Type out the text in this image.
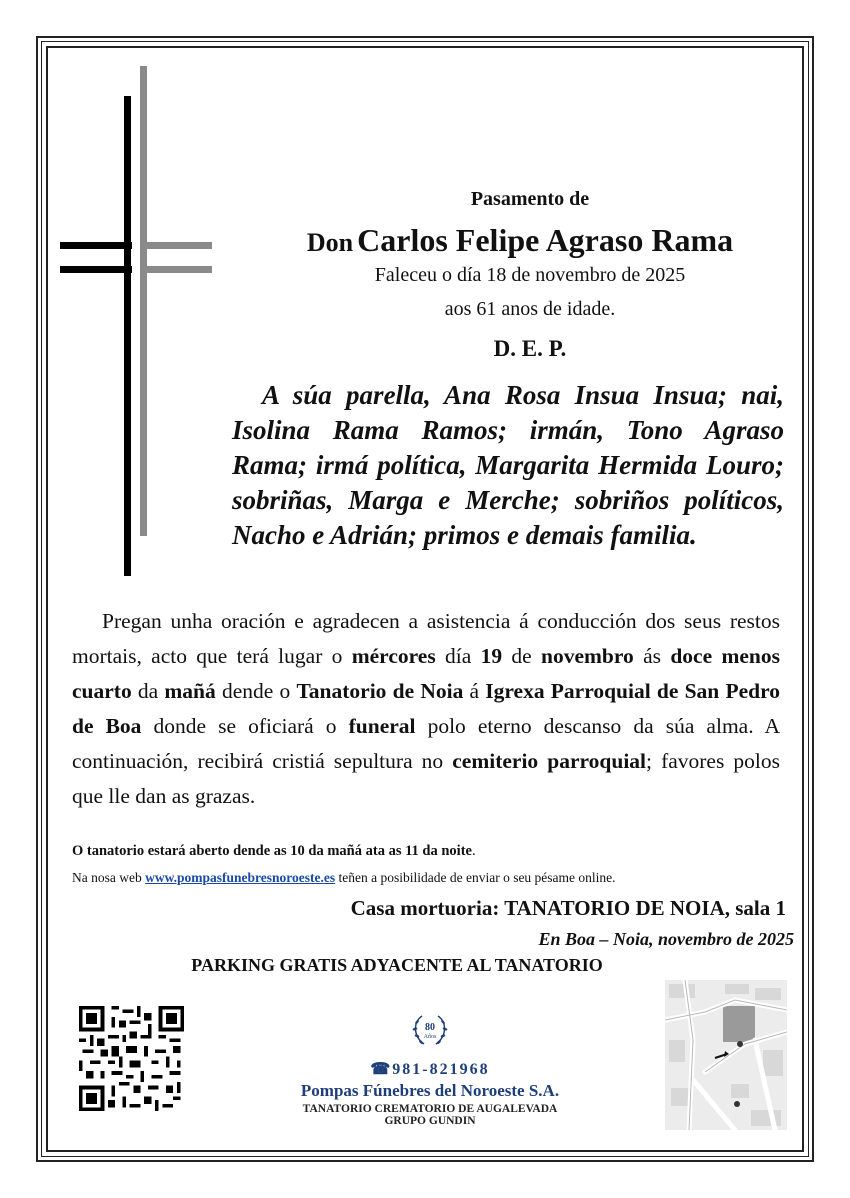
Pasamento de
Don Carlos Felipe Agraso Rama
Faleceu o día 18 de novembro de 2025
aos 61 anos de idade.
D. E. P.
A súa parella, Ana Rosa Insua Insua; nai, Isolina Rama Ramos; irmán, Tono Agraso Rama; irmá política, Margarita Hermida Louro; sobriñas, Marga e Merche; sobriños políticos, Nacho e Adrián; primos e demais familia.
Pregan unha oración e agradecen a asistencia á conducción dos seus restos mortais, acto que terá lugar o mércores día 19 de novembro ás doce menos cuarto da mañá dende o Tanatorio de Noia á Igrexa Parroquial de San Pedro de Boa donde se oficiará o funeral polo eterno descanso da súa alma. A continuación, recibirá cristiá sepultura no cemiterio parroquial; favores polos que lle dan as grazas.
O tanatorio estará aberto dende as 10 da mañá ata as 11 da noite.
Na nosa web www.pompasfunebresnoroeste.es teñen a posibilidade de enviar o seu pésame online.
Casa mortuoria: TANATORIO DE NOIA, sala 1
En Boa – Noia, novembro de 2025
PARKING GRATIS ADYACENTE AL TANATORIO
80
Años
☎981-821968
Pompas Fúnebres del Noroeste S.A.
TANATORIO CREMATORIO DE AUGALEVADA
GRUPO GUNDIN
